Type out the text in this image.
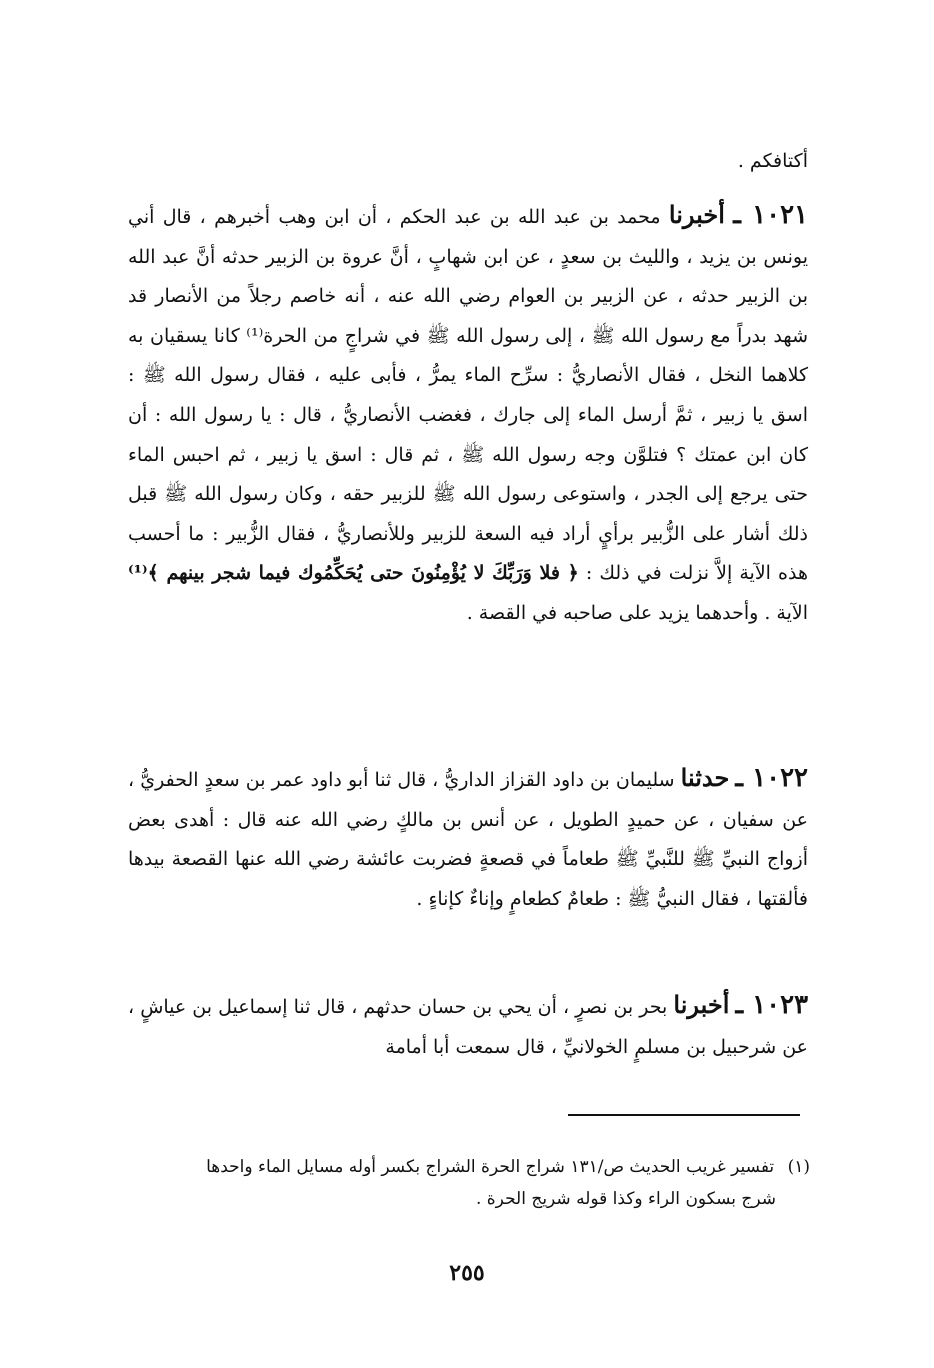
أكتافكم .
١٠٢١ ـ أخبرنا محمد بن عبد الله بن عبد الحكم ، أن ابن وهب أخبرهم ، قال أني يونس بن يزيد ، والليث بن سعدٍ ، عن ابن شهابٍ ، أنَّ عروة بن الزبير حدثه أنَّ عبد الله بن الزبير حدثه ، عن الزبير بن العوام رضي الله عنه ، أنه خاصم رجلاً من الأنصار قد شهد بدراً مع رسول الله ﷺ ، إلى رسول الله ﷺ في شراجٍ من الحرة⁽¹⁾ كانا يسقيان به كلاهما النخل ، فقال الأنصاريُّ : سرِّح الماء يمرُّ ، فأبى عليه ، فقال رسول الله ﷺ : اسق يا زبير ، ثمَّ أرسل الماء إلى جارك ، فغضب الأنصاريُّ ، قال : يا رسول الله : أن كان ابن عمتك ؟ فتلوَّن وجه رسول الله ﷺ ، ثم قال : اسق يا زبير ، ثم احبس الماء حتى يرجع إلى الجدر ، واستوعى رسول الله ﷺ للزبير حقه ، وكان رسول الله ﷺ قبل ذلك أشار على الزُّبير برأيٍ أراد فيه السعة للزبير وللأنصاريُّ ، فقال الزُّبير : ما أحسب هذه الآية إلاَّ نزلت في ذلك : ﴿ فلا وَرَبِّكَ لا يُؤْمِنُونَ حتى يُحَكِّمُوك فيما شجر بينهم ﴾⁽¹⁾ الآية . وأحدهما يزيد على صاحبه في القصة .
١٠٢٢ ـ حدثنا سليمان بن داود القزاز الداريُّ ، قال ثنا أبو داود عمر بن سعدٍ الحفريُّ ، عن سفيان ، عن حميدٍ الطويل ، عن أنس بن مالكٍ رضي الله عنه قال : أهدى بعض أزواج النبيِّ ﷺ للنَّبيِّ ﷺ طعاماً في قصعةٍ فضربت عائشة رضي الله عنها القصعة بيدها فألقتها ، فقال النبيُّ ﷺ : طعامٌ كطعامٍ وإناءٌ كإناءٍ .
١٠٢٣ ـ أخبرنا بحر بن نصرٍ ، أن يحي بن حسان حدثهم ، قال ثنا إسماعيل بن عياشٍ ، عن شرحبيل بن مسلمٍ الخولانيِّ ، قال سمعت أبا أمامة
(١) تفسير غريب الحديث ص/١٣١ شراج الحرة الشراج بكسر أوله مسايل الماء واحدها
شرج بسكون الراء وكذا قوله شريج الحرة .
٢٥٥
